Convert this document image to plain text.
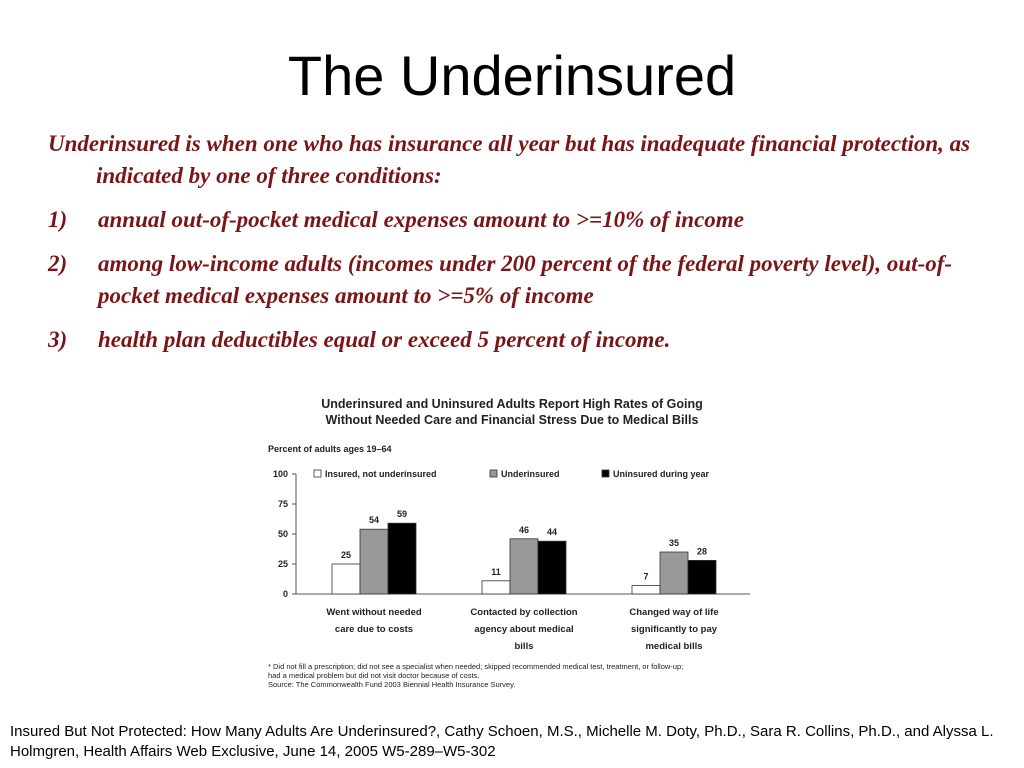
The Underinsured

Underinsured is when one who has insurance all year but has inadequate financial protection, as indicated by one of three conditions:

1)	annual out-of-pocket medical expenses amount to >=10% of income
2)	among low-income adults (incomes under 200 percent of the federal poverty level), out-of-pocket medical expenses amount to >=5% of income
3)	health plan deductibles equal or exceed 5 percent of income.
0
25
50
75
100	Insured, not underinsured	Underinsured	Uninsured during year
25
54
59
Went without needed
care due to costs
11
46 44
Contacted by collection
agency about medical
bills
7
35
28
Changed way of life
significantly to pay
medical bills
Underinsured and Uninsured Adults Report High Rates of Going
Without Needed Care and Financial Stress Due to Medical Bills
Percent of adults ages 19–64
* Did not fill a prescription; did not see a specialist when needed; skipped recommended medical test, treatment, or follow-up;
had a medical problem but did not visit doctor because of costs.
Source: The Commonwealth Fund 2003 Biennial Health Insurance Survey.
Insured But Not Protected: How Many Adults Are Underinsured?, Cathy Schoen, M.S., Michelle M. Doty, Ph.D., Sara R. Collins, Ph.D., and Alyssa L. Holmgren, Health Affairs Web Exclusive, June 14, 2005 W5-289–W5-302
